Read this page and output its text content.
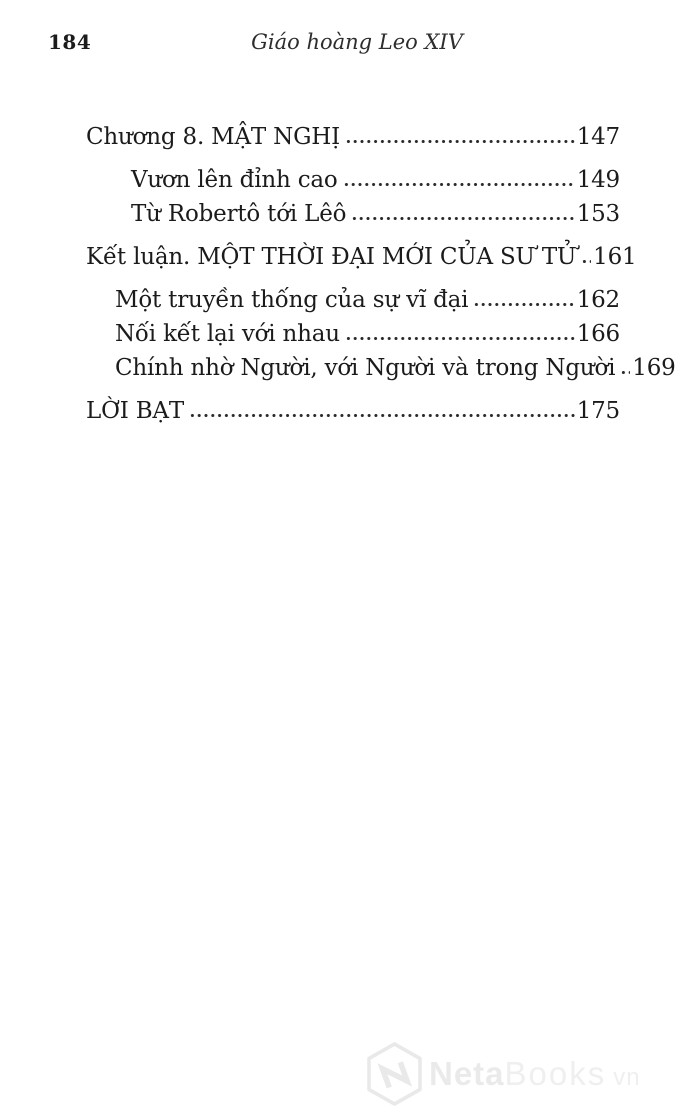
184	Giáo hoàng Leo XIV
Chương 8. MẬT NGHỊ	147
Vươn lên đỉnh cao	149
Từ Robertô tới Lêô	153
Kết luận. MỘT THỜI ĐẠI MỚI CỦA SƯ TỬ 161
Một truyền thống của sự vĩ đại	162
Nối kết lại với nhau	166
Chính nhờ Người, với Người và trong Người 169
LỜI BẠT	175
Neta Books vn
